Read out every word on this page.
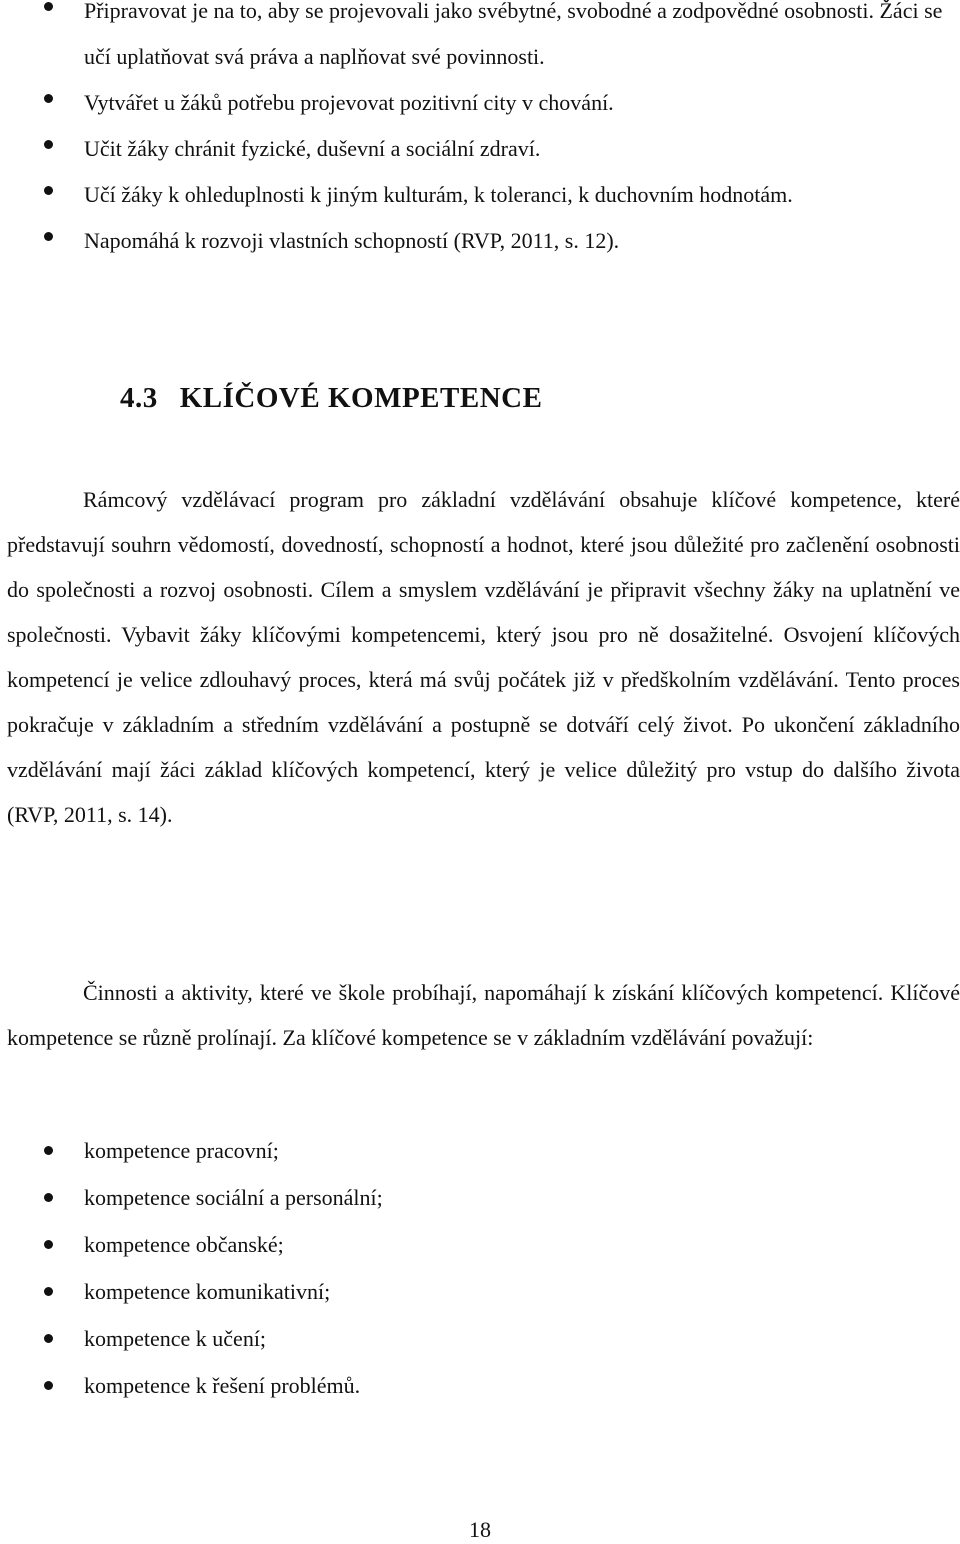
Připravovat je na to, aby se projevovali jako svébytné, svobodné a zodpovědné osobnosti. Žáci se učí uplatňovat svá práva a naplňovat své povinnosti.
Vytvářet u žáků potřebu projevovat pozitivní city v chování.
Učit žáky chránit fyzické, duševní a sociální zdraví.
Učí žáky k ohleduplnosti k jiným kulturám, k toleranci, k duchovním hodnotám.
Napomáhá k rozvoji vlastních schopností (RVP, 2011, s. 12).
4.3 KLÍČOVÉ KOMPETENCE

Rámcový vzdělávací program pro základní vzdělávání obsahuje klíčové kompetence, které představují souhrn vědomostí, dovedností, schopností a hodnot, které jsou důležité pro začlenění osobnosti do společnosti a rozvoj osobnosti. Cílem a smyslem vzdělávání je připravit všechny žáky na uplatnění ve společnosti. Vybavit žáky klíčovými kompetencemi, který jsou pro ně dosažitelné. Osvojení klíčových kompetencí je velice zdlouhavý proces, která má svůj počátek již v předškolním vzdělávání. Tento proces pokračuje v základním a středním vzdělávání a postupně se dotváří celý život. Po ukončení základního vzdělávání mají žáci základ klíčových kompetencí, který je velice důležitý pro vstup do dalšího života (RVP, 2011, s. 14).

Činnosti a aktivity, které ve škole probíhají, napomáhají k získání klíčových kompetencí. Klíčové kompetence se různě prolínají. Za klíčové kompetence se v základním vzdělávání považují:

kompetence pracovní;
kompetence sociální a personální;
kompetence občanské;
kompetence komunikativní;
kompetence k učení;
kompetence k řešení problémů.

18
